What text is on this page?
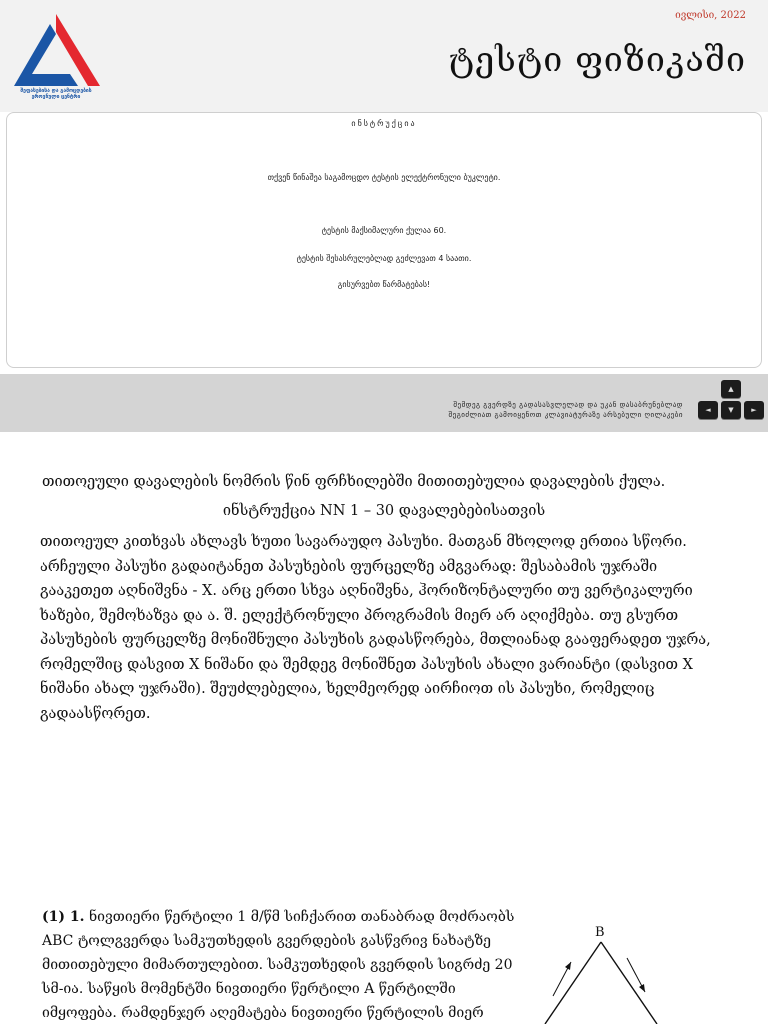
შეფასებისა და გამოცდების
ეროვნული ცენტრი
ივლისი, 2022
ტესტი ფიზიკაში
ინსტრუქცია
თქვენ წინაშეა საგამოცდო ტესტის ელექტრონული ბუკლეტი.
ტესტის მაქსიმალური ქულაა 60.
ტესტის შესასრულებლად გეძლევათ 4 საათი.
გისურვებთ წარმატებას!
შემდეგ გვერდზე გადასასვლელად და უკან დასაბრუნებლად
შეგიძლიათ გამოიყენოთ კლავიატურაზე არსებული ღილაკები
▲
◄	▼	►
თითოეული დავალების ნომრის წინ ფრჩხილებში მითითებულია დავალების ქულა.
ინსტრუქცია NN 1 – 30 დავალებებისათვის
თითოეულ კითხვას ახლავს ხუთი სავარაუდო პასუხი. მათგან მხოლოდ ერთია სწორი. არჩეული პასუხი გადაიტანეთ პასუხების ფურცელზე ამგვარად: შესაბამის უჯრაში გააკეთეთ აღნიშვნა - X. არც ერთი სხვა აღნიშვნა, ჰორიზონტალური თუ ვერტიკალური ხაზები, შემოხაზვა და ა. შ. ელექტრონული პროგრამის მიერ არ აღიქმება. თუ გსურთ პასუხების ფურცელზე მონიშნული პასუხის გადასწორება, მთლიანად გააფერადეთ უჯრა, რომელშიც დასვით X ნიშანი და შემდეგ მონიშნეთ პასუხის ახალი ვარიანტი (დასვით X ნიშანი ახალ უჯრაში). შეუძლებელია, ხელმეორედ აირჩიოთ ის პასუხი, რომელიც გადაასწორეთ.
(1) 1. ნივთიერი წერტილი 1 მ/წმ სიჩქარით თანაბრად მოძრაობს ABC ტოლგვერდა სამკუთხედის გვერდების გასწვრივ ნახატზე მითითებული მიმართულებით. სამკუთხედის გვერდის სიგრძე 20 სმ-ია. საწყის მომენტში ნივთიერი წერტილი A წერტილში იმყოფება. რამდენჯერ აღემატება ნივთიერი წერტილის მიერ
B
